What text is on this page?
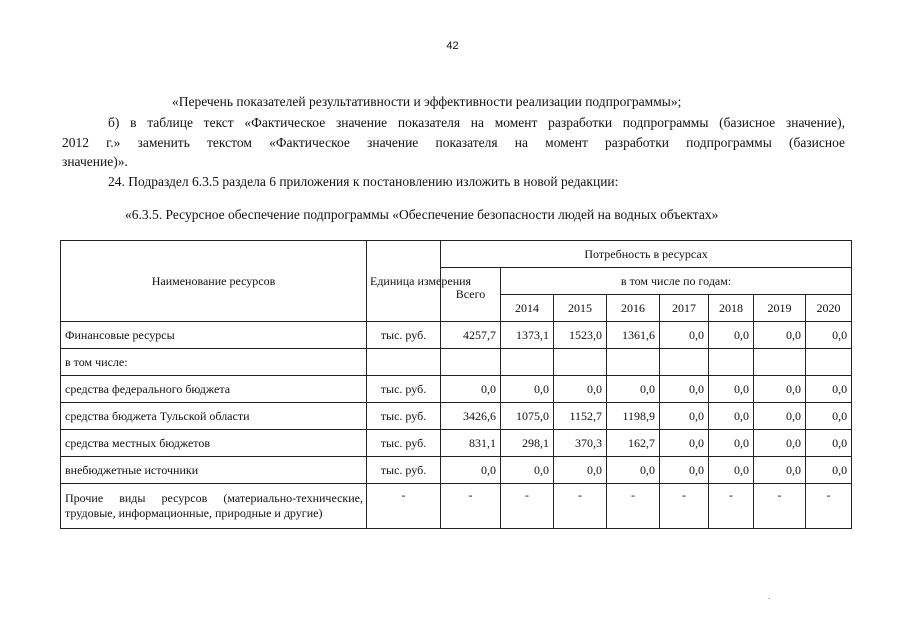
42

«Перечень показателей результативности и эффективности реализации подпрограммы»;

б) в таблице текст «Фактическое значение показателя на момент разработки подпрограммы (базисное значение),

2012 г.» заменить текстом «Фактическое значение показателя на момент разработки подпрограммы (базисное

значение)».

24. Подраздел 6.3.5 раздела 6 приложения к постановлению изложить в новой редакции:

«6.3.5. Ресурсное обеспечение подпрограммы «Обеспечение безопасности людей на водных объектах»

Наименование ресурсов	Единица измерения	Потребность в ресурсах							
		Всего	в том числе по годам:						
			2014	2015	2016	2017	2018	2019	2020
Финансовые ресурсы	тыс. руб.	4257,7	1373,1	1523,0	1361,6	0,0	0,0	0,0	0,0
в том числе:									
средства федерального бюджета	тыс. руб.	0,0	0,0	0,0	0,0	0,0	0,0	0,0	0,0
средства бюджета Тульской области	тыс. руб.	3426,6	1075,0	1152,7	1198,9	0,0	0,0	0,0	0,0
средства местных бюджетов	тыс. руб.	831,1	298,1	370,3	162,7	0,0	0,0	0,0	0,0
внебюджетные источники	тыс. руб.	0,0	0,0	0,0	0,0	0,0	0,0	0,0	0,0
Прочие виды ресурсов (материально-технические, трудовые, информационные, природные и другие)	-	-	-	-	-	-	-	-	-
.
